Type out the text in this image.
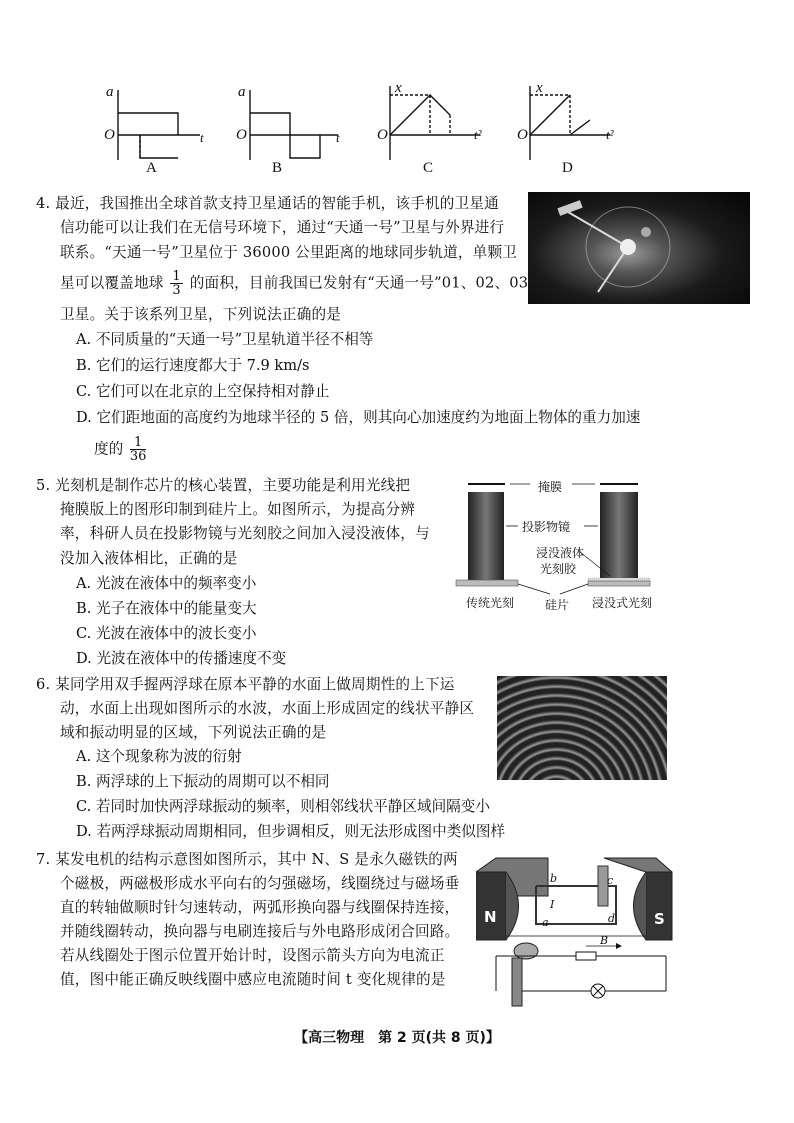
a
O
A
t
a
O
B
t
x
O
C
t²
x
O
D
t²
4. 最近，我国推出全球首款支持卫星通话的智能手机，该手机的卫星通
信功能可以让我们在无信号环境下，通过“天通一号”卫星与外界进行
联系。“天通一号”卫星位于 36000 公里距离的地球同步轨道，单颗卫
星可以覆盖地球 $\frac{1}{3}$ 的面积，目前我国已发射有“天通一号”01、02、03
卫星。关于该系列卫星，下列说法正确的是
A. 不同质量的“天通一号”卫星轨道半径不相等
B. 它们的运行速度都大于 7.9 km/s
C. 它们可以在北京的上空保持相对静止
D. 它们距地面的高度约为地球半径的 5 倍，则其向心加速度约为地面上物体的重力加速
度的 $\frac{1}{36}$
5. 光刻机是制作芯片的核心装置，主要功能是利用光线把
掩膜版上的图形印制到硅片上。如图所示，为提高分辨
率，科研人员在投影物镜与光刻胶之间加入浸没液体，与
没加入液体相比，正确的是
A. 光波在液体中的频率变小
B. 光子在液体中的能量变大
C. 光波在液体中的波长变小
D. 光波在液体中的传播速度不变
掩膜
投影物镜
浸没液体
光刻胶
传统光刻	硅片 浸没式光刻
6. 某同学用双手握两浮球在原本平静的水面上做周期性的上下运
动，水面上出现如图所示的水波，水面上形成固定的线状平静区
域和振动明显的区域，下列说法正确的是
A. 这个现象称为波的衍射
B. 两浮球的上下振动的周期可以不相同
C. 若同时加快两浮球振动的频率，则相邻线状平静区域间隔变小
D. 若两浮球振动周期相同，但步调相反，则无法形成图中类似图样
7. 某发电机的结构示意图如图所示，其中 N、S 是永久磁铁的两
个磁极，两磁极形成水平向右的匀强磁场，线圈绕过与磁场垂
直的转轴做顺时针匀速转动，两弧形换向器与线圈保持连接，
并随线圈转动，换向器与电刷连接后与外电路形成闭合回路。
若从线圈处于图示位置开始计时，设图示箭头方向为电流正
值，图中能正确反映线圈中感应电流随时间 t 变化规律的是
N	S
b	c
I
a	d
B
【高三物理　第 2 页(共 8 页)】
